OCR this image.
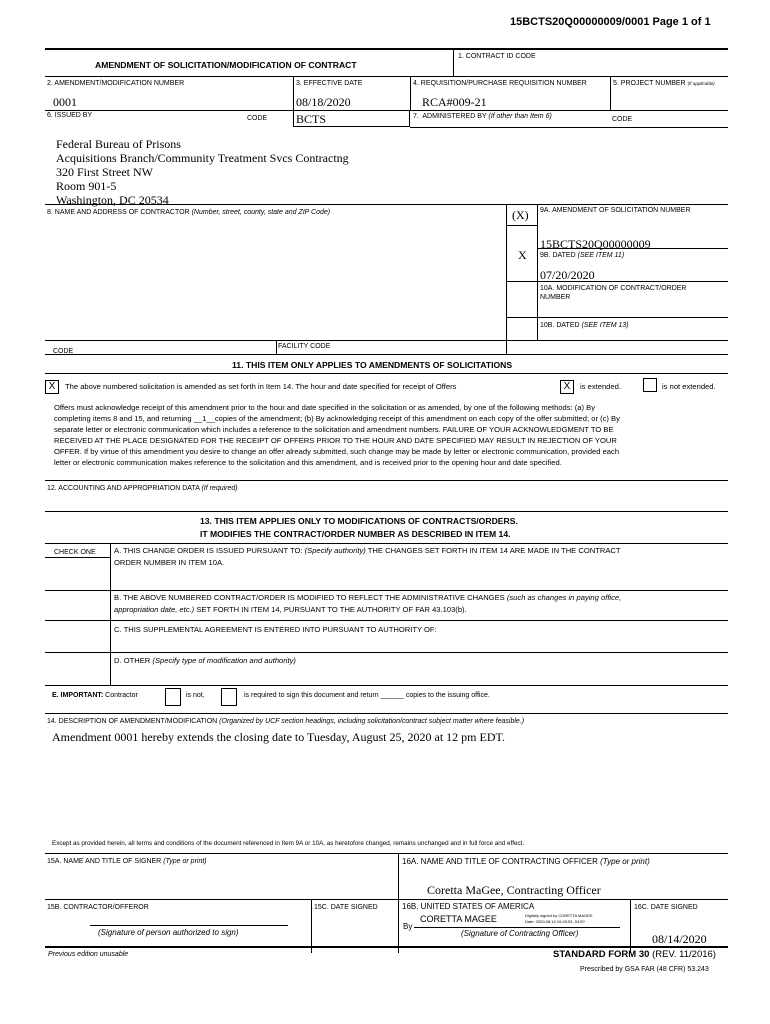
15BCTS20Q00000009/0001 Page 1 of 1
AMENDMENT OF SOLICITATION/MODIFICATION OF CONTRACT
1. CONTRACT ID CODE
2. AMENDMENT/MODIFICATION NUMBER
0001
3. EFFECTIVE DATE
08/18/2020
4. REQUISITION/PURCHASE REQUISITION NUMBER
RCA#009-21
5. PROJECT NUMBER (If applicable)
6. ISSUED BY	CODE BCTS	7. ADMINISTERED BY (If other than Item 6)	CODE
Federal Bureau of Prisons
Acquisitions Branch/Community Treatment Svcs Contractng
320 First Street NW
Room 901-5
Washington, DC 20534
8. NAME AND ADDRESS OF CONTRACTOR (Number, street, county, state and ZIP Code)	(X) 9A. AMENDMENT OF SOLICITATION NUMBER
15BCTS20Q00000009
X 9B. DATED (SEE ITEM 11)
07/20/2020
10A. MODIFICATION OF CONTRACT/ORDER
NUMBER
10B. DATED (SEE ITEM 13)
CODE
FACILITY CODE
11. THIS ITEM ONLY APPLIES TO AMENDMENTS OF SOLICITATIONS
X	The above numbered solicitation is amended as set forth in Item 14. The hour and date specified for receipt of Offers	X	is extended.	is not extended.
Offers must acknowledge receipt of this amendment prior to the hour and date specified in the solicitation or as amended, by one of the following methods: (a) By
completing items 8 and 15, and returning __1__copies of the amendment; (b) By acknowledging receipt of this amendment on each copy of the offer submitted; or (c) By
separate letter or electronic communication which includes a reference to the solicitation and amendment numbers. FAILURE OF YOUR ACKNOWLEDGMENT TO BE
RECEIVED AT THE PLACE DESIGNATED FOR THE RECEIPT OF OFFERS PRIOR TO THE HOUR AND DATE SPECIFIED MAY RESULT IN REJECTION OF YOUR
OFFER. If by virtue of this amendment you desire to change an offer already submitted, such change may be made by letter or electronic communication, provided each
letter or electronic communication makes reference to the solicitation and this amendment, and is received prior to the opening hour and date specified.
12. ACCOUNTING AND APPROPRIATION DATA (If required)
13. THIS ITEM APPLIES ONLY TO MODIFICATIONS OF CONTRACTS/ORDERS.
IT MODIFIES THE CONTRACT/ORDER NUMBER AS DESCRIBED IN ITEM 14.
CHECK ONE A. THIS CHANGE ORDER IS ISSUED PURSUANT TO: (Specify authority) THE CHANGES SET FORTH IN ITEM 14 ARE MADE IN THE CONTRACT
ORDER NUMBER IN ITEM 10A.
B. THE ABOVE NUMBERED CONTRACT/ORDER IS MODIFIED TO REFLECT THE ADMINISTRATIVE CHANGES (such as changes in paying office,
appropriation date, etc.) SET FORTH IN ITEM 14, PURSUANT TO THE AUTHORITY OF FAR 43.103(b).
C. THIS SUPPLEMENTAL AGREEMENT IS ENTERED INTO PURSUANT TO AUTHORITY OF:
D. OTHER (Specify type of modification and authority)
E. IMPORTANT: Contractor	is not,	is required to sign this document and return ______ copies to the issuing office.
14. DESCRIPTION OF AMENDMENT/MODIFICATION (Organized by UCF section headings, including solicitation/contract subject matter where feasible.)
Amendment 0001 hereby extends the closing date to Tuesday, August 25, 2020 at 12 pm EDT.
Except as provided herein, all terms and conditions of the document referenced in Item 9A or 10A, as heretofore changed, remains unchanged and in full force and effect.
15A. NAME AND TITLE OF SIGNER (Type or print)	16A. NAME AND TITLE OF CONTRACTING OFFICER (Type or print)
Coretta MaGee, Contracting Officer
15B. CONTRACTOR/OFFEROR
(Signature of person authorized to sign)
15C. DATE SIGNED	16B. UNITED STATES OF AMERICA
By
CORETTA MAGEE	Digitally signed by CORETTA MAGEE
Date: 2020.08.14 10:26:53 -04'00'
(Signature of Contracting Officer)
16C. DATE SIGNED
08/14/2020
Previous edition unusable	STANDARD FORM 30 (REV. 11/2016)
Prescribed by GSA FAR (48 CFR) 53.243
